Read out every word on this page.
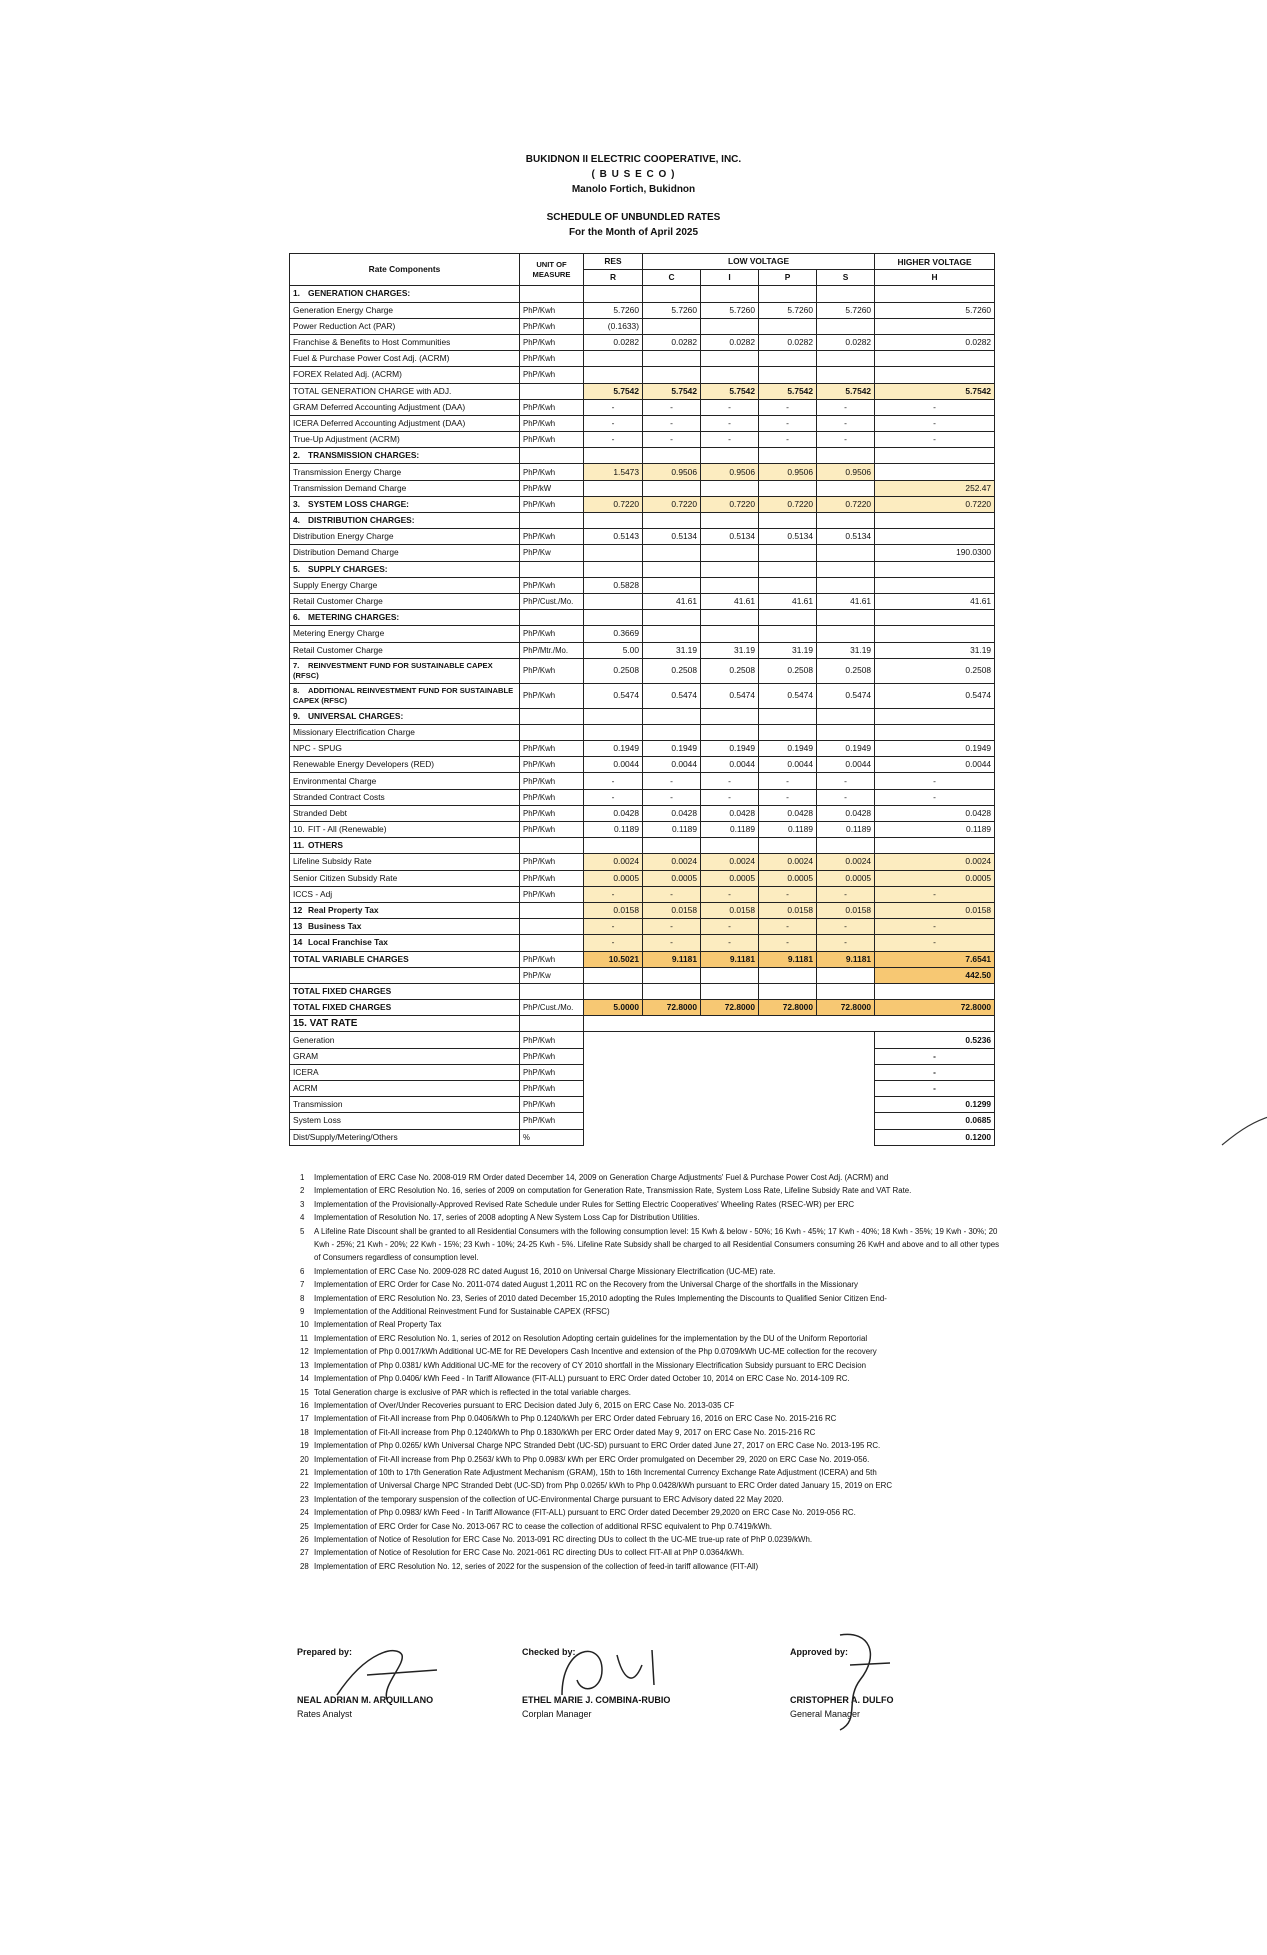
BUKIDNON II ELECTRIC COOPERATIVE, INC.
( B U S E C O )
Manolo Fortich, Bukidnon
SCHEDULE OF UNBUNDLED RATES
For the Month of April 2025
Rate Components	UNIT OF MEASURE	RES	LOW VOLTAGE				HIGHER VOLTAGE
		R	C	I	P	S	H
1. GENERATION CHARGES:							
Generation Energy Charge	PhP/Kwh	5.7260	5.7260	5.7260	5.7260	5.7260	5.7260
Power Reduction Act (PAR)	PhP/Kwh	(0.1633)					
Franchise & Benefits to Host Communities	PhP/Kwh	0.0282	0.0282	0.0282	0.0282	0.0282	0.0282
Fuel & Purchase Power Cost Adj. (ACRM)	PhP/Kwh						
FOREX Related Adj. (ACRM)	PhP/Kwh						
TOTAL GENERATION CHARGE with ADJ.		5.7542	5.7542	5.7542	5.7542	5.7542	5.7542
GRAM Deferred Accounting Adjustment (DAA)	PhP/Kwh	-	-	-	-	-	-
ICERA Deferred Accounting Adjustment (DAA)	PhP/Kwh	-	-	-	-	-	-
True-Up Adjustment (ACRM)	PhP/Kwh	-	-	-	-	-	-
2. TRANSMISSION CHARGES:							
Transmission Energy Charge	PhP/Kwh	1.5473	0.9506	0.9506	0.9506	0.9506	
Transmission Demand Charge	PhP/kW						252.47
3. SYSTEM LOSS CHARGE:	PhP/Kwh	0.7220	0.7220	0.7220	0.7220	0.7220	0.7220
4. DISTRIBUTION CHARGES:							
Distribution Energy Charge	PhP/Kwh	0.5143	0.5134	0.5134	0.5134	0.5134	
Distribution Demand Charge	PhP/Kw						190.0300
5. SUPPLY CHARGES:							
Supply Energy Charge	PhP/Kwh	0.5828					
Retail Customer Charge	PhP/Cust./Mo.		41.61	41.61	41.61	41.61	41.61
6. METERING CHARGES:							
Metering Energy Charge	PhP/Kwh	0.3669					
Retail Customer Charge	PhP/Mtr./Mo.	5.00	31.19	31.19	31.19	31.19	31.19
7. REINVESTMENT FUND FOR SUSTAINABLE CAPEX (RFSC)	PhP/Kwh	0.2508	0.2508	0.2508	0.2508	0.2508	0.2508
8. ADDITIONAL REINVESTMENT FUND FOR SUSTAINABLE CAPEX (RFSC)	PhP/Kwh	0.5474	0.5474	0.5474	0.5474	0.5474	0.5474
9. UNIVERSAL CHARGES:							
Missionary Electrification Charge							
NPC - SPUG	PhP/Kwh	0.1949	0.1949	0.1949	0.1949	0.1949	0.1949
Renewable Energy Developers (RED)	PhP/Kwh	0.0044	0.0044	0.0044	0.0044	0.0044	0.0044
Environmental Charge	PhP/Kwh	-	-	-	-	-	-
Stranded Contract Costs	PhP/Kwh	-	-	-	-	-	-
Stranded Debt	PhP/Kwh	0.0428	0.0428	0.0428	0.0428	0.0428	0.0428
10. FIT - All (Renewable)	PhP/Kwh	0.1189	0.1189	0.1189	0.1189	0.1189	0.1189
11. OTHERS							
Lifeline Subsidy Rate	PhP/Kwh	0.0024	0.0024	0.0024	0.0024	0.0024	0.0024
Senior Citizen Subsidy Rate	PhP/Kwh	0.0005	0.0005	0.0005	0.0005	0.0005	0.0005
ICCS - Adj	PhP/Kwh	-	-	-	-	-	-
12 Real Property Tax		0.0158	0.0158	0.0158	0.0158	0.0158	0.0158
13 Business Tax		-	-	-	-	-	-
14 Local Franchise Tax		-	-	-	-	-	-
TOTAL VARIABLE CHARGES	PhP/Kwh	10.5021	9.1181	9.1181	9.1181	9.1181	7.6541
	PhP/Kw						442.50
TOTAL FIXED CHARGES							
TOTAL FIXED CHARGES	PhP/Cust./Mo.	5.0000	72.8000	72.8000	72.8000	72.8000	72.8000
15. VAT RATE							
Generation	PhP/Kwh						0.5236
GRAM	PhP/Kwh						-
ICERA	PhP/Kwh						-
ACRM	PhP/Kwh						-
Transmission	PhP/Kwh						0.1299
System Loss	PhP/Kwh						0.0685
Dist/Supply/Metering/Others	%						0.1200
1	Implementation of ERC Case No. 2008-019 RM Order dated December 14, 2009 on Generation Charge Adjustments' Fuel & Purchase Power Cost Adj. (ACRM) and
2	Implementation of ERC Resolution No. 16, series of 2009 on computation for Generation Rate, Transmission Rate, System Loss Rate, Lifeline Subsidy Rate and VAT Rate.
3	Implementation of the Provisionally-Approved Revised Rate Schedule under Rules for Setting Electric Cooperatives' Wheeling Rates (RSEC-WR) per ERC
4	Implementation of Resolution No. 17, series of 2008 adopting A New System Loss Cap for Distribution Utilities.
5	A Lifeline Rate Discount shall be granted to all Residential Consumers with the following consumption level: 15 Kwh & below - 50%; 16 Kwh - 45%; 17 Kwh - 40%; 18 Kwh - 35%; 19 Kwh - 30%; 20 Kwh - 25%; 21 Kwh - 20%; 22 Kwh - 15%; 23 Kwh - 10%; 24-25 Kwh - 5%. Lifeline Rate Subsidy shall be charged to all Residential Consumers consuming 26 KwH and above and to all other types of Consumers regardless of consumption level.
6	Implementation of ERC Case No. 2009-028 RC dated August 16, 2010 on Universal Charge Missionary Electrification (UC-ME) rate.
7	Implementation of ERC Order for Case No. 2011-074 dated August 1,2011 RC on the Recovery from the Universal Charge of the shortfalls in the Missionary
8	Implementation of ERC Resolution No. 23, Series of 2010 dated December 15,2010 adopting the Rules Implementing the Discounts to Qualified Senior Citizen End-
9	Implementation of the Additional Reinvestment Fund for Sustainable CAPEX (RFSC)
10 Implementation of Real Property Tax
11 Implementation of ERC Resolution No. 1, series of 2012 on Resolution Adopting certain guidelines for the implementation by the DU of the Uniform Reportorial
12 Implementation of Php 0.0017/kWh Additional UC-ME for RE Developers Cash Incentive and extension of the Php 0.0709/kWh UC-ME collection for the recovery
13 Implementation of Php 0.0381/ kWh Additional UC-ME for the recovery of CY 2010 shortfall in the Missionary Electrification Subsidy pursuant to ERC Decision
14 Implementation of Php 0.0406/ kWh Feed - In Tariff Allowance (FIT-ALL) pursuant to ERC Order dated October 10, 2014 on ERC Case No. 2014-109 RC.
15 Total Generation charge is exclusive of PAR which is reflected in the total variable charges.
16 Implementation of Over/Under Recoveries pursuant to ERC Decision dated July 6, 2015 on ERC Case No. 2013-035 CF
17 Implementation of Fit-All increase from Php 0.0406/kWh to Php 0.1240/kWh per ERC Order dated February 16, 2016 on ERC Case No. 2015-216 RC
18 Implementation of Fit-All increase from Php 0.1240/kWh to Php 0.1830/kWh per ERC Order dated May 9, 2017 on ERC Case No. 2015-216 RC
19 Implementation of Php 0.0265/ kWh Universal Charge NPC Stranded Debt (UC-SD) pursuant to ERC Order dated June 27, 2017 on ERC Case No. 2013-195 RC.
20 Implementation of Fit-All increase from Php 0.2563/ kWh to Php 0.0983/ kWh per ERC Order promulgated on December 29, 2020 on ERC Case No. 2019-056.
21 Implementation of 10th to 17th Generation Rate Adjustment Mechanism (GRAM), 15th to 16th Incremental Currency Exchange Rate Adjustment (ICERA) and 5th
22 Implementation of Universal Charge NPC Stranded Debt (UC-SD) from Php 0.0265/ kWh to Php 0.0428/kWh pursuant to ERC Order dated January 15, 2019 on ERC
23 Implentation of the temporary suspension of the collection of UC-Environmental Charge pursuant to ERC Advisory dated 22 May 2020.
24 Implementation of Php 0.0983/ kWh Feed - In Tariff Allowance (FIT-ALL) pursuant to ERC Order dated December 29,2020 on ERC Case No. 2019-056 RC.
25 Implementation of ERC Order for Case No. 2013-067 RC to cease the collection of additional RFSC equivalent to Php 0.7419/kWh.
26 Implementation of Notice of Resolution for ERC Case No. 2013-091 RC directing DUs to collect th the UC-ME true-up rate of PhP 0.0239/kWh.
27 Implementation of Notice of Resolution for ERC Case No. 2021-061 RC directing DUs to collect FIT-All at PhP 0.0364/kWh.
28 Implementation of ERC Resolution No. 12, series of 2022 for the suspension of the collection of feed-in tariff allowance (FIT-All)
Prepared by:
NEAL ADRIAN M. ARQUILLANO
Rates Analyst
Checked by:
ETHEL MARIE J. COMBINA-RUBIO
Corplan Manager
Approved by:
CRISTOPHER A. DULFO
General Manager
